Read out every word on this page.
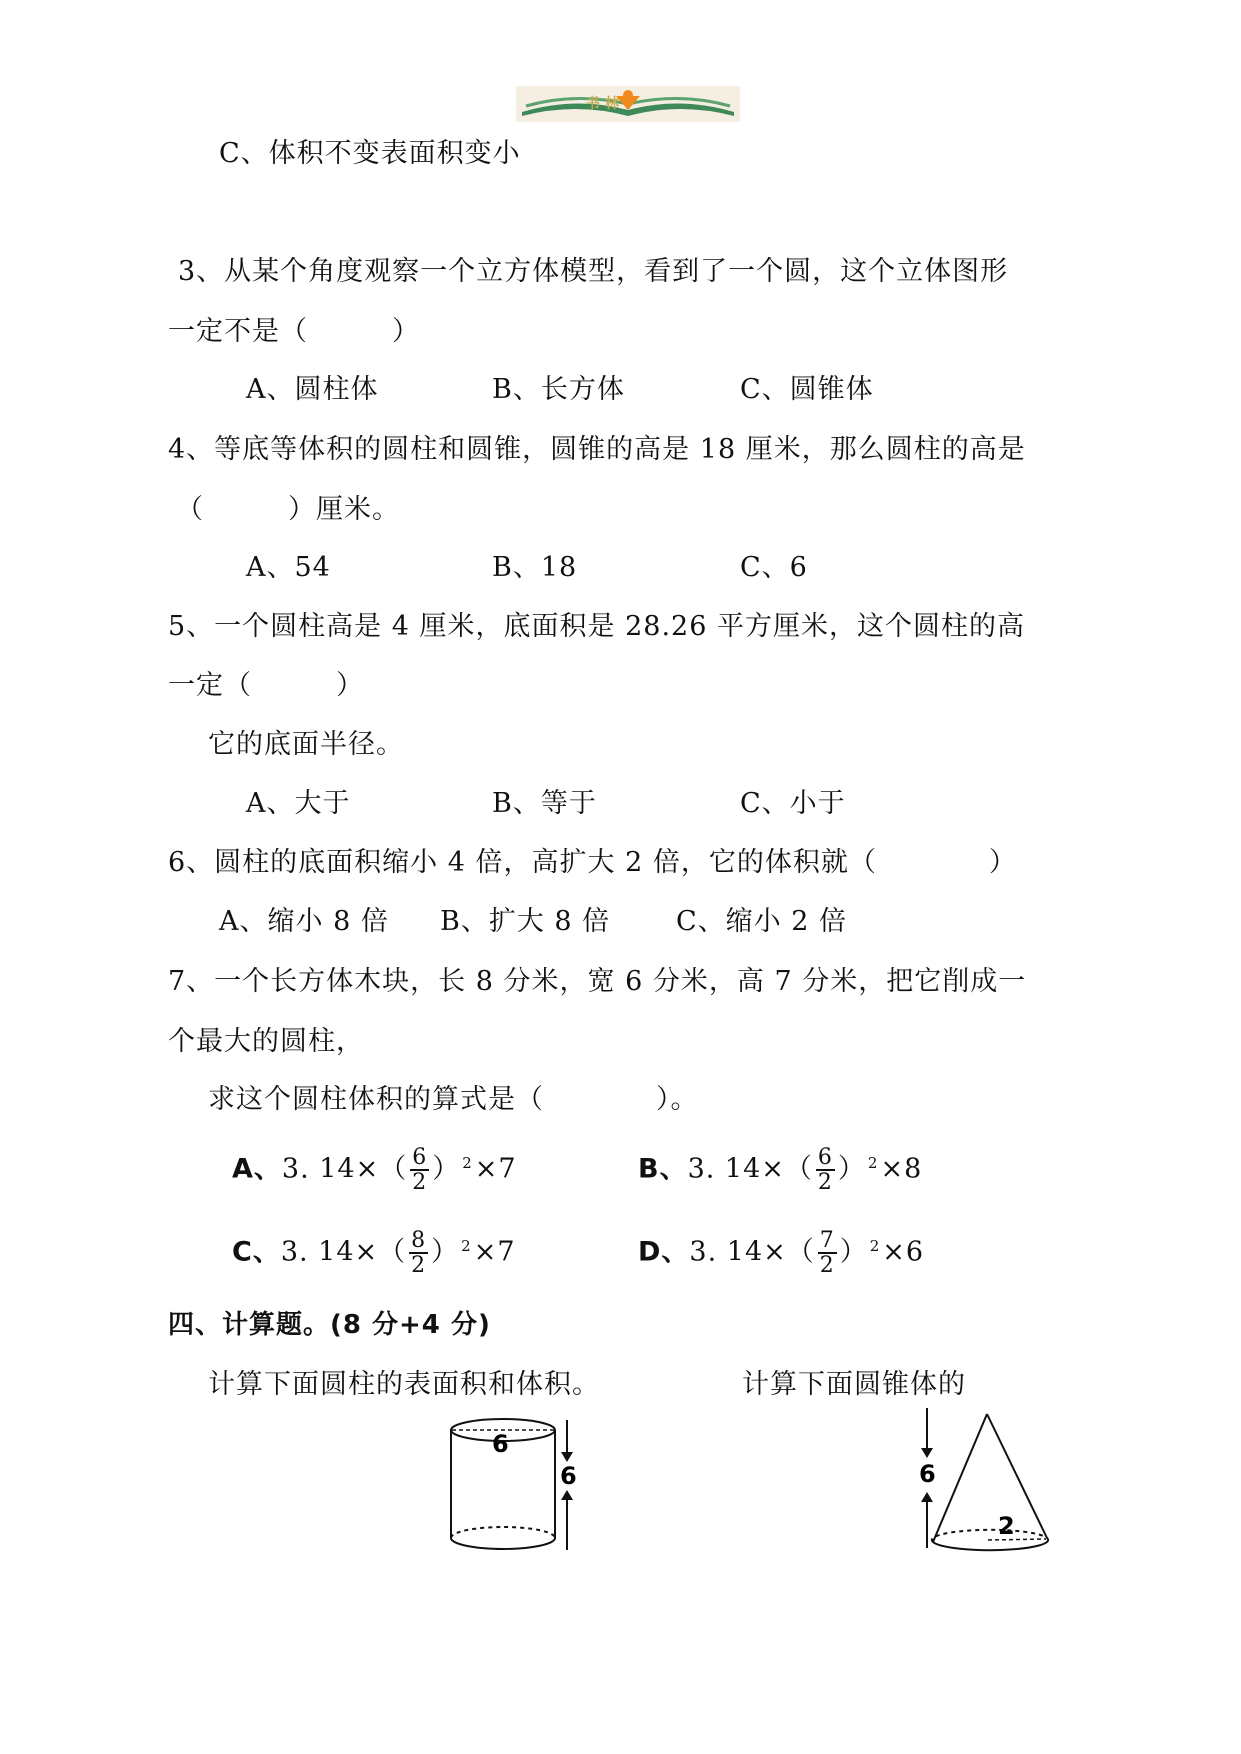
书 林
C、体积不变表面积变小
3、从某个角度观察一个立方体模型，看到了一个圆，这个立体图形
一定不是（　　　）
A、圆柱体	B、长方体	C、圆锥体
4、等底等体积的圆柱和圆锥，圆锥的高是 18 厘米，那么圆柱的高是
（　　　）厘米。
A、54	B、18	C、6
5、一个圆柱高是 4 厘米，底面积是 28.26 平方厘米，这个圆柱的高
一定（　　　）
它的底面半径。
A、大于	B、等于	C、小于
6、圆柱的底面积缩小 4 倍，高扩大 2 倍，它的体积就（　　　　）
A、缩小 8 倍 B、扩大 8 倍 C、缩小 2 倍
7、一个长方体木块，长 8 分米，宽 6 分米，高 7 分米，把它削成一
个最大的圆柱，
求这个圆柱体积的算式是（　　　　）。
A、3. $14\times( \frac{6}{2}$ ） $^2$×7	B、3. $14\times( \frac{6}{2}$ ） $^2$×8
C、3. $14\times( \frac{8}{2}$ ） $^2$×7	D、3. $14\times( \frac{7}{2}$ ） $^2$×6
四、计算题。(8 分+4 分)
计算下面圆柱的表面积和体积。	计算下面圆锥体的
6
6	6
2
